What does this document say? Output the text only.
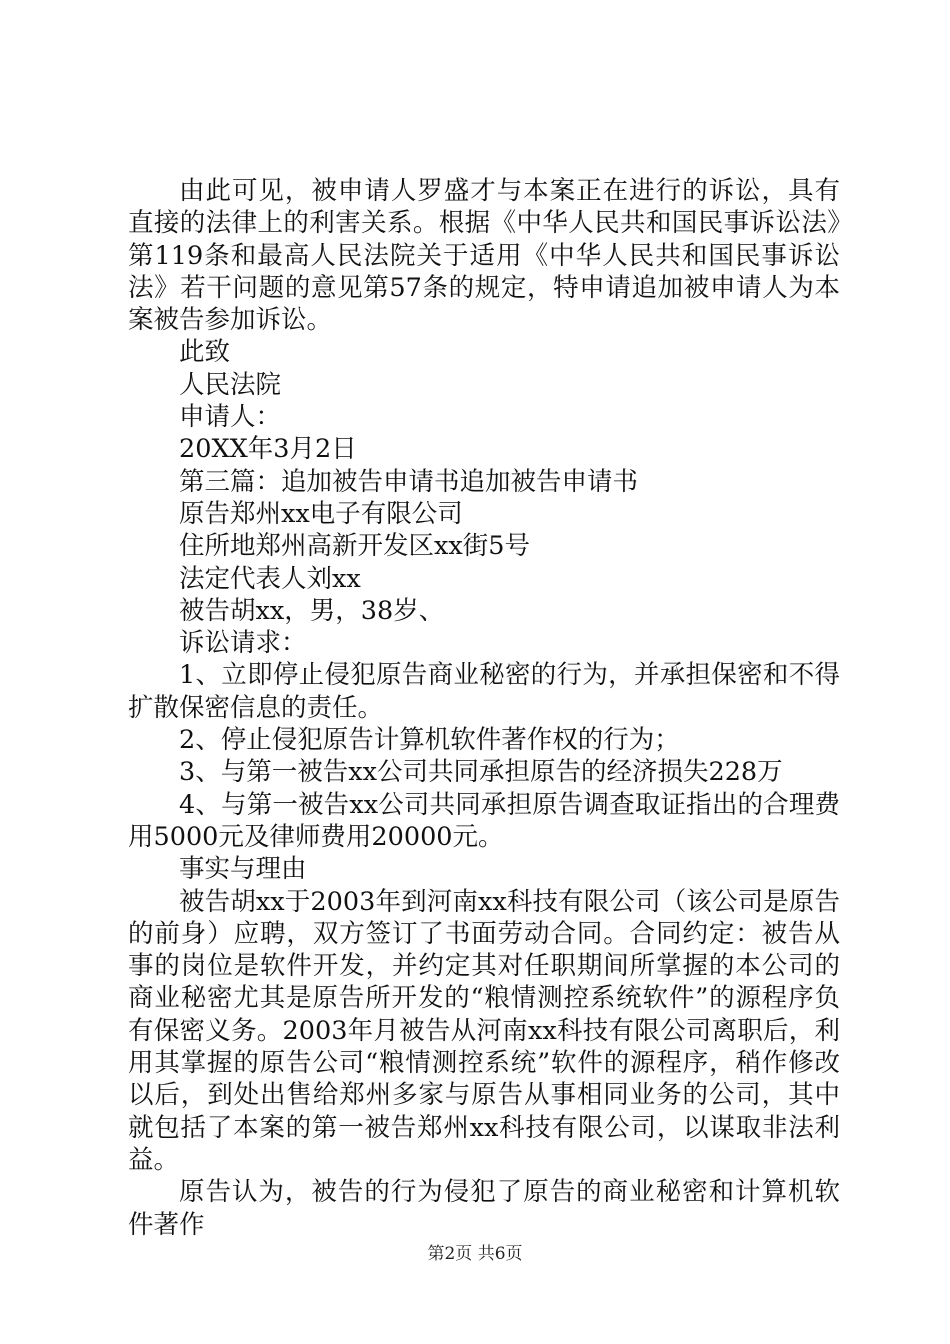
由此可见，被申请人罗盛才与本案正在进行的诉讼，具有直接的法律上的利害关系。根据《中华人民共和国民事诉讼法》第119条和最高人民法院关于适用《中华人民共和国民事诉讼法》若干问题的意见第57条的规定，特申请追加被申请人为本案被告参加诉讼。

此致

人民法院

申请人：

20XX年3月2日

第三篇：追加被告申请书追加被告申请书

原告郑州xx电子有限公司

住所地郑州高新开发区xx街5号

法定代表人刘xx

被告胡xx，男，38岁、

诉讼请求：

1、立即停止侵犯原告商业秘密的行为，并承担保密和不得扩散保密信息的责任。

2、停止侵犯原告计算机软件著作权的行为；

3、与第一被告xx公司共同承担原告的经济损失228万

4、与第一被告xx公司共同承担原告调查取证指出的合理费用5000元及律师费用20000元。

事实与理由

被告胡xx于2003年到河南xx科技有限公司（该公司是原告的前身）应聘，双方签订了书面劳动合同。合同约定：被告从事的岗位是软件开发，并约定其对任职期间所掌握的本公司的商业秘密尤其是原告所开发的“粮情测控系统软件”的源程序负有保密义务。2003年月被告从河南xx科技有限公司离职后，利用其掌握的原告公司“粮情测控系统”软件的源程序，稍作修改以后，到处出售给郑州多家与原告从事相同业务的公司，其中就包括了本案的第一被告郑州xx科技有限公司，以谋取非法利益。

原告认为，被告的行为侵犯了原告的商业秘密和计算机软件著作

第2页 共6页
